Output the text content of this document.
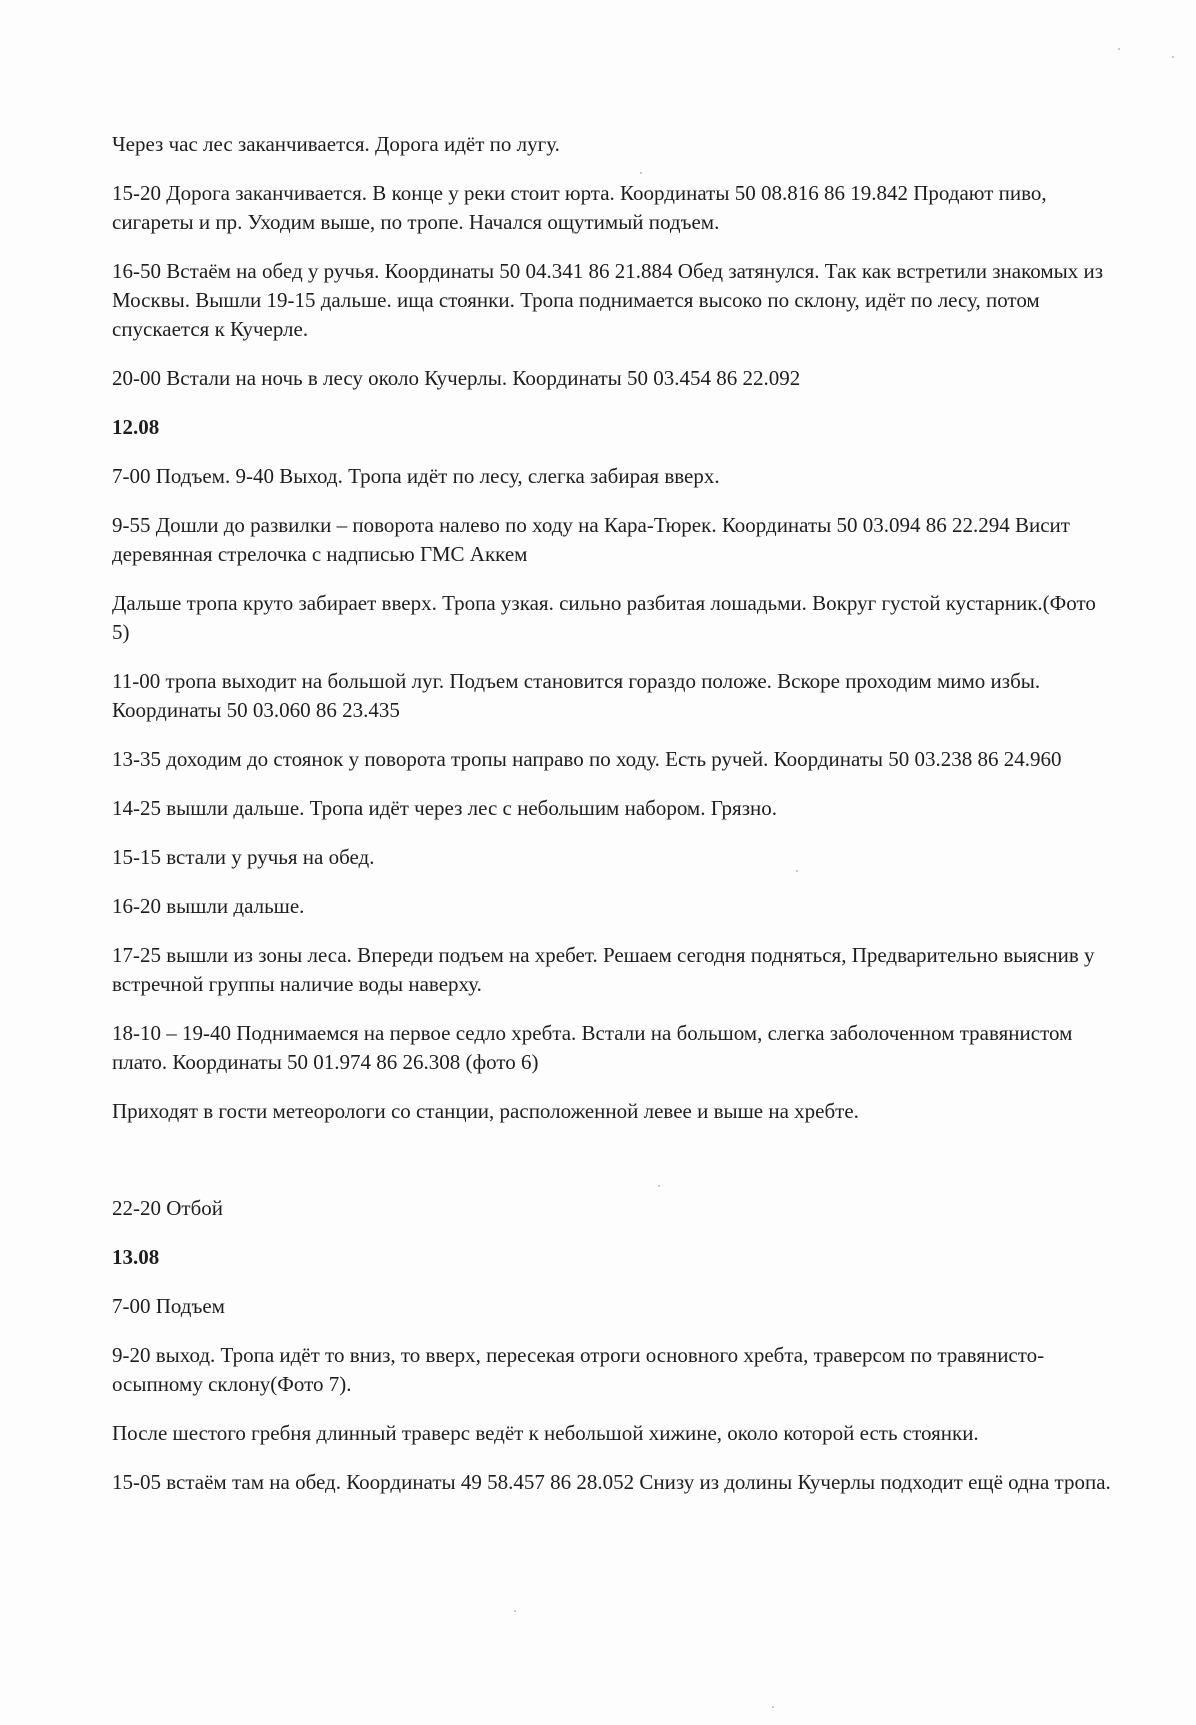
Через час лес заканчивается. Дорога идёт по лугу.
15-20 Дорога заканчивается. В конце у реки стоит юрта. Координаты 50 08.816 86 19.842 Продают пиво, сигареты и пр. Уходим выше, по тропе. Начался ощутимый подъем.
16-50 Встаём на обед у ручья. Координаты 50 04.341 86 21.884 Обед затянулся. Так как встретили знакомых из Москвы. Вышли 19-15 дальше. ища стоянки. Тропа поднимается высоко по склону, идёт по лесу, потом спускается к Кучерле.
20-00 Встали на ночь в лесу около Кучерлы. Координаты 50 03.454 86 22.092
12.08
7-00 Подъем. 9-40 Выход. Тропа идёт по лесу, слегка забирая вверх.
9-55 Дошли до развилки – поворота налево по ходу на Кара-Тюрек. Координаты 50 03.094 86 22.294 Висит деревянная стрелочка с надписью ГМС Аккем
Дальше тропа круто забирает вверх. Тропа узкая. сильно разбитая лошадьми. Вокруг густой кустарник.(Фото 5)
11-00 тропа выходит на большой луг. Подъем становится гораздо положе. Вскоре проходим мимо избы. Координаты 50 03.060 86 23.435
13-35 доходим до стоянок у поворота тропы направо по ходу. Есть ручей. Координаты 50 03.238 86 24.960
14-25 вышли дальше. Тропа идёт через лес с небольшим набором. Грязно.
15-15 встали у ручья на обед.
16-20 вышли дальше.
17-25 вышли из зоны леса. Впереди подъем на хребет. Решаем сегодня подняться, Предварительно выяснив у встречной группы наличие воды наверху.
18-10 – 19-40 Поднимаемся на первое седло хребта. Встали на большом, слегка заболоченном травянистом плато. Координаты 50 01.974 86 26.308 (фото 6)
Приходят в гости метеорологи со станции, расположенной левее и выше на хребте.
22-20 Отбой
13.08
7-00 Подъем
9-20 выход. Тропа идёт то вниз, то вверх, пересекая отроги основного хребта, траверсом по травянисто-осыпному склону(Фото 7).
После шестого гребня длинный траверс ведёт к небольшой хижине, около которой есть стоянки.
15-05 встаём там на обед. Координаты 49 58.457 86 28.052 Снизу из долины Кучерлы подходит ещё одна тропа.
